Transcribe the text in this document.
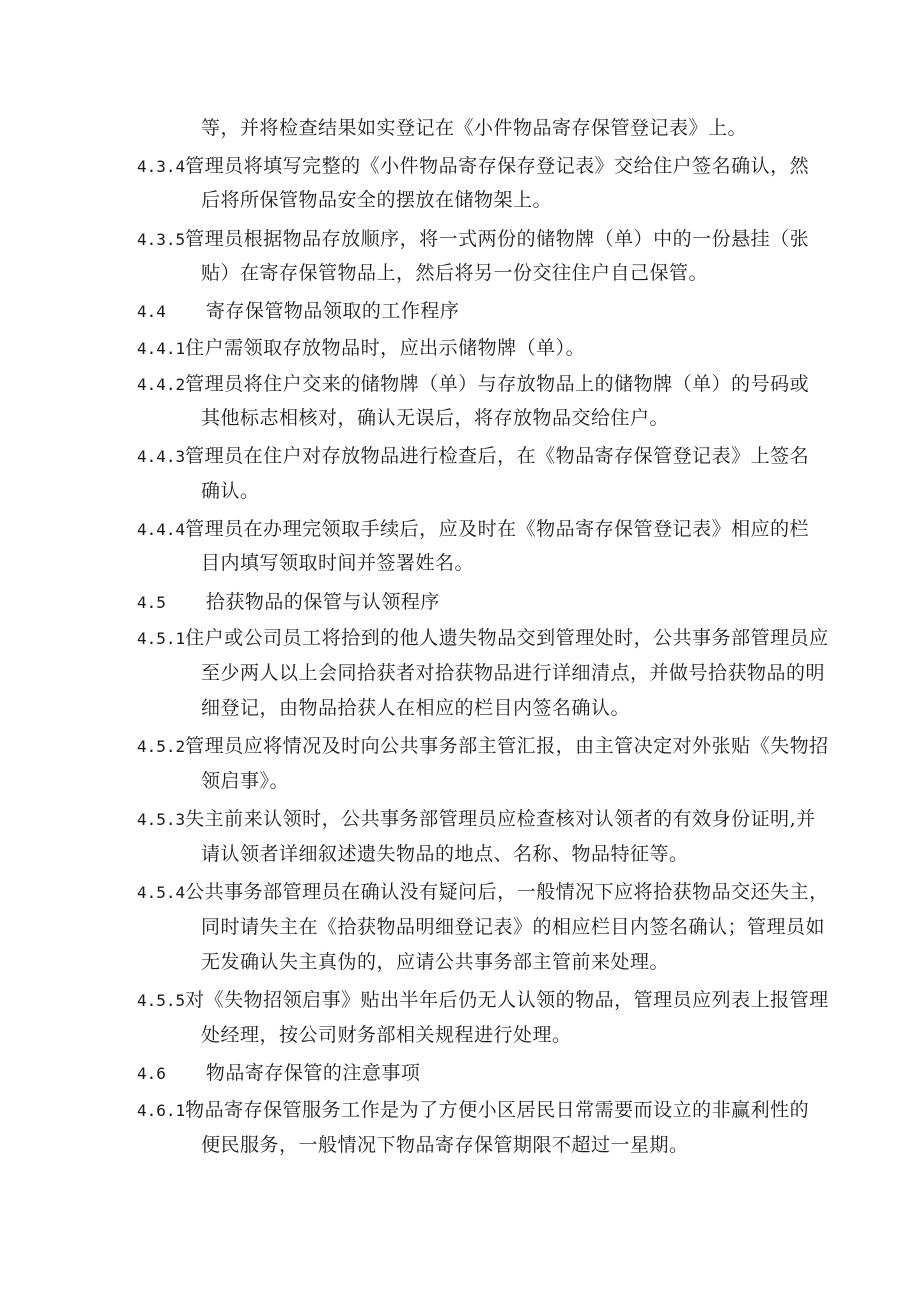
等，并将检查结果如实登记在《小件物品寄存保管登记表》上。
4.3.4管理员将填写完整的《小件物品寄存保存登记表》交给住户签名确认，然
后将所保管物品安全的摆放在储物架上。
4.3.5管理员根据物品存放顺序，将一式两份的储物牌（单）中的一份悬挂（张
贴）在寄存保管物品上，然后将另一份交往住户自己保管。
4.4 寄存保管物品领取的工作程序
4.4.1住户需领取存放物品时，应出示储物牌（单）。
4.4.2管理员将住户交来的储物牌（单）与存放物品上的储物牌（单）的号码或
其他标志相核对，确认无误后，将存放物品交给住户。
4.4.3管理员在住户对存放物品进行检查后，在《物品寄存保管登记表》上签名
确认。
4.4.4管理员在办理完领取手续后，应及时在《物品寄存保管登记表》相应的栏
目内填写领取时间并签署姓名。
4.5 拾获物品的保管与认领程序
4.5.1住户或公司员工将拾到的他人遗失物品交到管理处时，公共事务部管理员应
至少两人以上会同拾获者对拾获物品进行详细清点，并做号拾获物品的明
细登记，由物品拾获人在相应的栏目内签名确认。
4.5.2管理员应将情况及时向公共事务部主管汇报，由主管决定对外张贴《失物招
领启事》。
4.5.3失主前来认领时，公共事务部管理员应检查核对认领者的有效身份证明,并
请认领者详细叙述遗失物品的地点、名称、物品特征等。
4.5.4公共事务部管理员在确认没有疑问后，一般情况下应将拾获物品交还失主，
同时请失主在《拾获物品明细登记表》的相应栏目内签名确认；管理员如
无发确认失主真伪的，应请公共事务部主管前来处理。
4.5.5对《失物招领启事》贴出半年后仍无人认领的物品，管理员应列表上报管理
处经理，按公司财务部相关规程进行处理。
4.6 物品寄存保管的注意事项
4.6.1物品寄存保管服务工作是为了方便小区居民日常需要而设立的非赢利性的
便民服务，一般情况下物品寄存保管期限不超过一星期。
